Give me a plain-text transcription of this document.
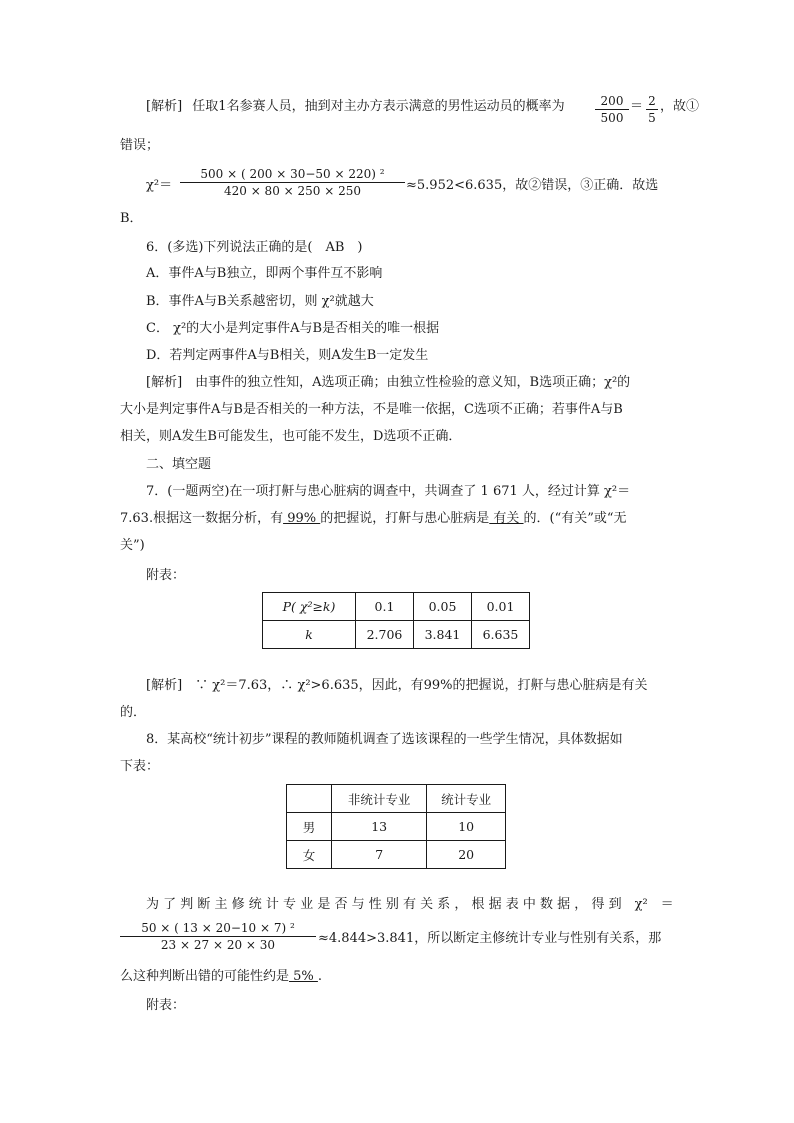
[解析] 任取1名参赛人员，抽到对主办方表示满意的男性运动员的概率为	$\frac{200}{500} = \frac{2}{5}$ ，故①
错误；
$\chi^2= \frac{\text{500 × ( 200 × 30−50 × 220) ²}}{420 \times 80 \times 250 \times 250} \approx 5.952<6.635$，故②错误，③正确．故选
B．
6．(多选)下列说法正确的是(　AB　)
A．事件A与B独立，即两个事件互不影响
B．事件A与B关系越密切，则 χ²就越大
C． χ²的大小是判定事件A与B是否相关的唯一根据
D．若判定两事件A与B相关，则A发生B一定发生
[解析]　由事件的独立性知，A选项正确；由独立性检验的意义知，B选项正确；χ²的
大小是判定事件A与B是否相关的一种方法，不是唯一依据，C选项不正确；若事件A与B
相关，则A发生B可能发生，也可能不发生，D选项不正确．
二、填空题
7．(一题两空)在一项打鼾与患心脏病的调查中，共调查了 1 671 人，经过计算 χ²＝
7.63.根据这一数据分析，有 99% 的把握说，打鼾与患心脏病是 有关 的．(“有关”或“无
关”)
附表：
P( χ²≥k)	0.1	0.05	0.01
k	2.706	3.841	6.635
[解析]　∵ χ²＝7.63，∴ χ²>6.635，因此，有99%的把握说，打鼾与患心脏病是有关
的．
8．某高校“统计初步”课程的教师随机调查了选该课程的一些学生情况，具体数据如
下表：
	非统计专业	统计专业
男	13	10
女	7	20
为 了 判 断 主 修 统 计 专 业 是 否 与 性 别 有 关 系 ， 根 据 表 中 数 据 ， 得 到　χ²　＝
$\frac{\text{50 × ( 13 × 20−10 × 7) ²}}{23 \times 27 \times 20 \times 30} \approx 4.844>3.841$，所以断定主修统计专业与性别有关系，那
么这种判断出错的可能性约是 5% .
附表：
